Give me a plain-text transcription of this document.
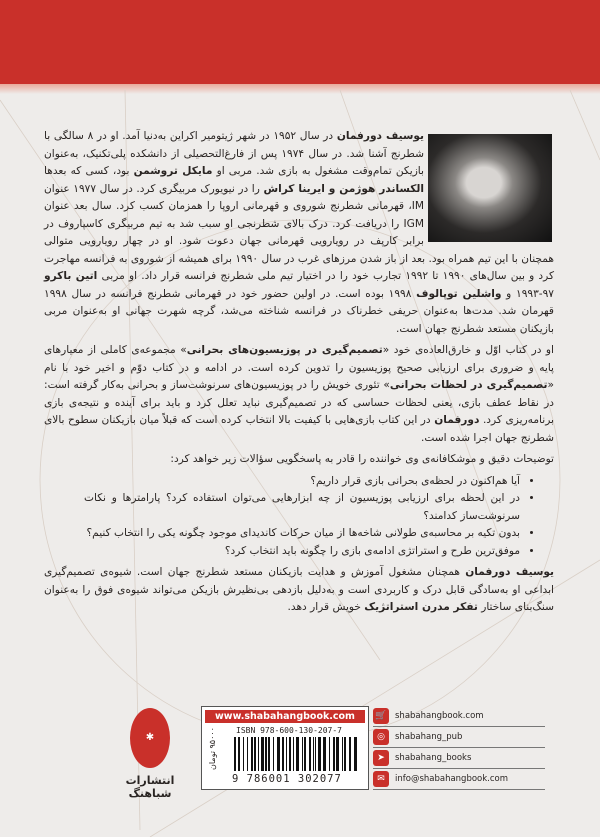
یوسیف دورفمان در سال ۱۹۵۲ در شهر ژیتومیر اکراین به‌دنیا آمد. او در ۸ سالگی با شطرنج آشنا شد. در سال ۱۹۷۴ پس از فارغ‌التحصیلی از دانشکده پلی‌تکنیک، به‌عنوان بازیکن تمام‌وقت مشغول به بازی شد. مربی او مایکل تروشمن بود، کسی که بعدها الکساندر هوژمن و ایرینا کراش را در نیویورک مربیگری کرد. در سال ۱۹۷۷ عنوان IM، قهرمانی شطرنج شوروی و قهرمانی اروپا را همزمان کسب کرد. سال بعد عنوان IGM را دریافت کرد. درک بالای شطرنجی او سبب شد به تیم مربیگری کاسپاروف در برابر کارپف در رویارویی قهرمانی جهان دعوت شود. او در چهار رویارویی متوالی همچنان با این تیم همراه بود. بعد از باز شدن مرزهای غرب در سال ۱۹۹۰ برای همیشه از شوروی به فرانسه مهاجرت کرد و بین سال‌های ۱۹۹۰ تا ۱۹۹۲ تجارب خود را در اختیار تیم ملی شطرنج فرانسه قرار داد. او مربی اتین باکرو ۹۷-۱۹۹۳ و واشلین توپالوف ۱۹۹۸ بوده است. در اولین حضور خود در قهرمانی شطرنج فرانسه در سال ۱۹۹۸ قهرمان شد. مدت‌ها به‌عنوان حریفی خطرناک در فرانسه شناخته می‌شد، گرچه شهرت جهانی او به‌عنوان مربی بازیکنان مستعد شطرنج جهان است.

او در کتاب اوّل و خارق‌العاده‌ی خود «تصمیم‌گیری در پوزیسیون‌های بحرانی» مجموعه‌ی کاملی از معیارهای پایه و ضروری برای ارزیابی صحیح پوزیسیون را تدوین کرده است. در ادامه و در کتاب دوّم و اخیر خود با نام «تصمیم‌گیری در لحظات بحرانی» تئوری خویش را در پوزیسیون‌های سرنوشت‌ساز و بحرانی به‌کار گرفته است: در نقاط عطف بازی، یعنی لحظات حساسی که در تصمیم‌گیری نباید تعلل کرد و باید برای آینده و نتیجه‌ی بازی برنامه‌ریزی کرد. دورفمان در این کتاب بازی‌هایی با کیفیت بالا انتخاب کرده است که قبلاً میان بازیکنان سطوح بالای شطرنج جهان اجرا شده است.

توضیحات دقیق و موشکافانه‌ی وی خواننده را قادر به پاسخگویی سؤالات زیر خواهد کرد:

• آیا هم‌اکنون در لحظه‌ی بحرانی بازی قرار داریم؟
• در این لحظه برای ارزیابی پوزیسیون از چه ابزارهایی می‌توان استفاده کرد؟ پارامترها و نکات سرنوشت‌ساز کدامند؟
• بدون تکیه بر محاسبه‌ی طولانی شاخه‌ها از میان حرکات کاندیدای موجود چگونه یکی را انتخاب کنیم؟
• موفق‌ترین طرح و استراتژی ادامه‌ی بازی را چگونه باید انتخاب کرد؟

یوسیف دورفمان همچنان مشغول آموزش و هدایت بازیکنان مستعد شطرنج جهان است. شیوه‌ی تصمیم‌گیری ابداعی او به‌سادگی قابل درک و کاربردی است و به‌دلیل بازدهی بی‌نظیرش بازیکن می‌تواند شیوه‌ی فوق را به‌عنوان سنگ‌بنای ساختار تفکر مدرن استراتژیک خویش قرار دهد.

✱
انتشارات شباهنگ
www.shabahangbook.com
ISBN 978-600-130-207-7
9 786001 302077
۹۵۰۰۰ تومان
🛒 shabahangbook.com
◎	shabahang_pub
➤	shabahang_books
✉	info@shabahangbook.com
